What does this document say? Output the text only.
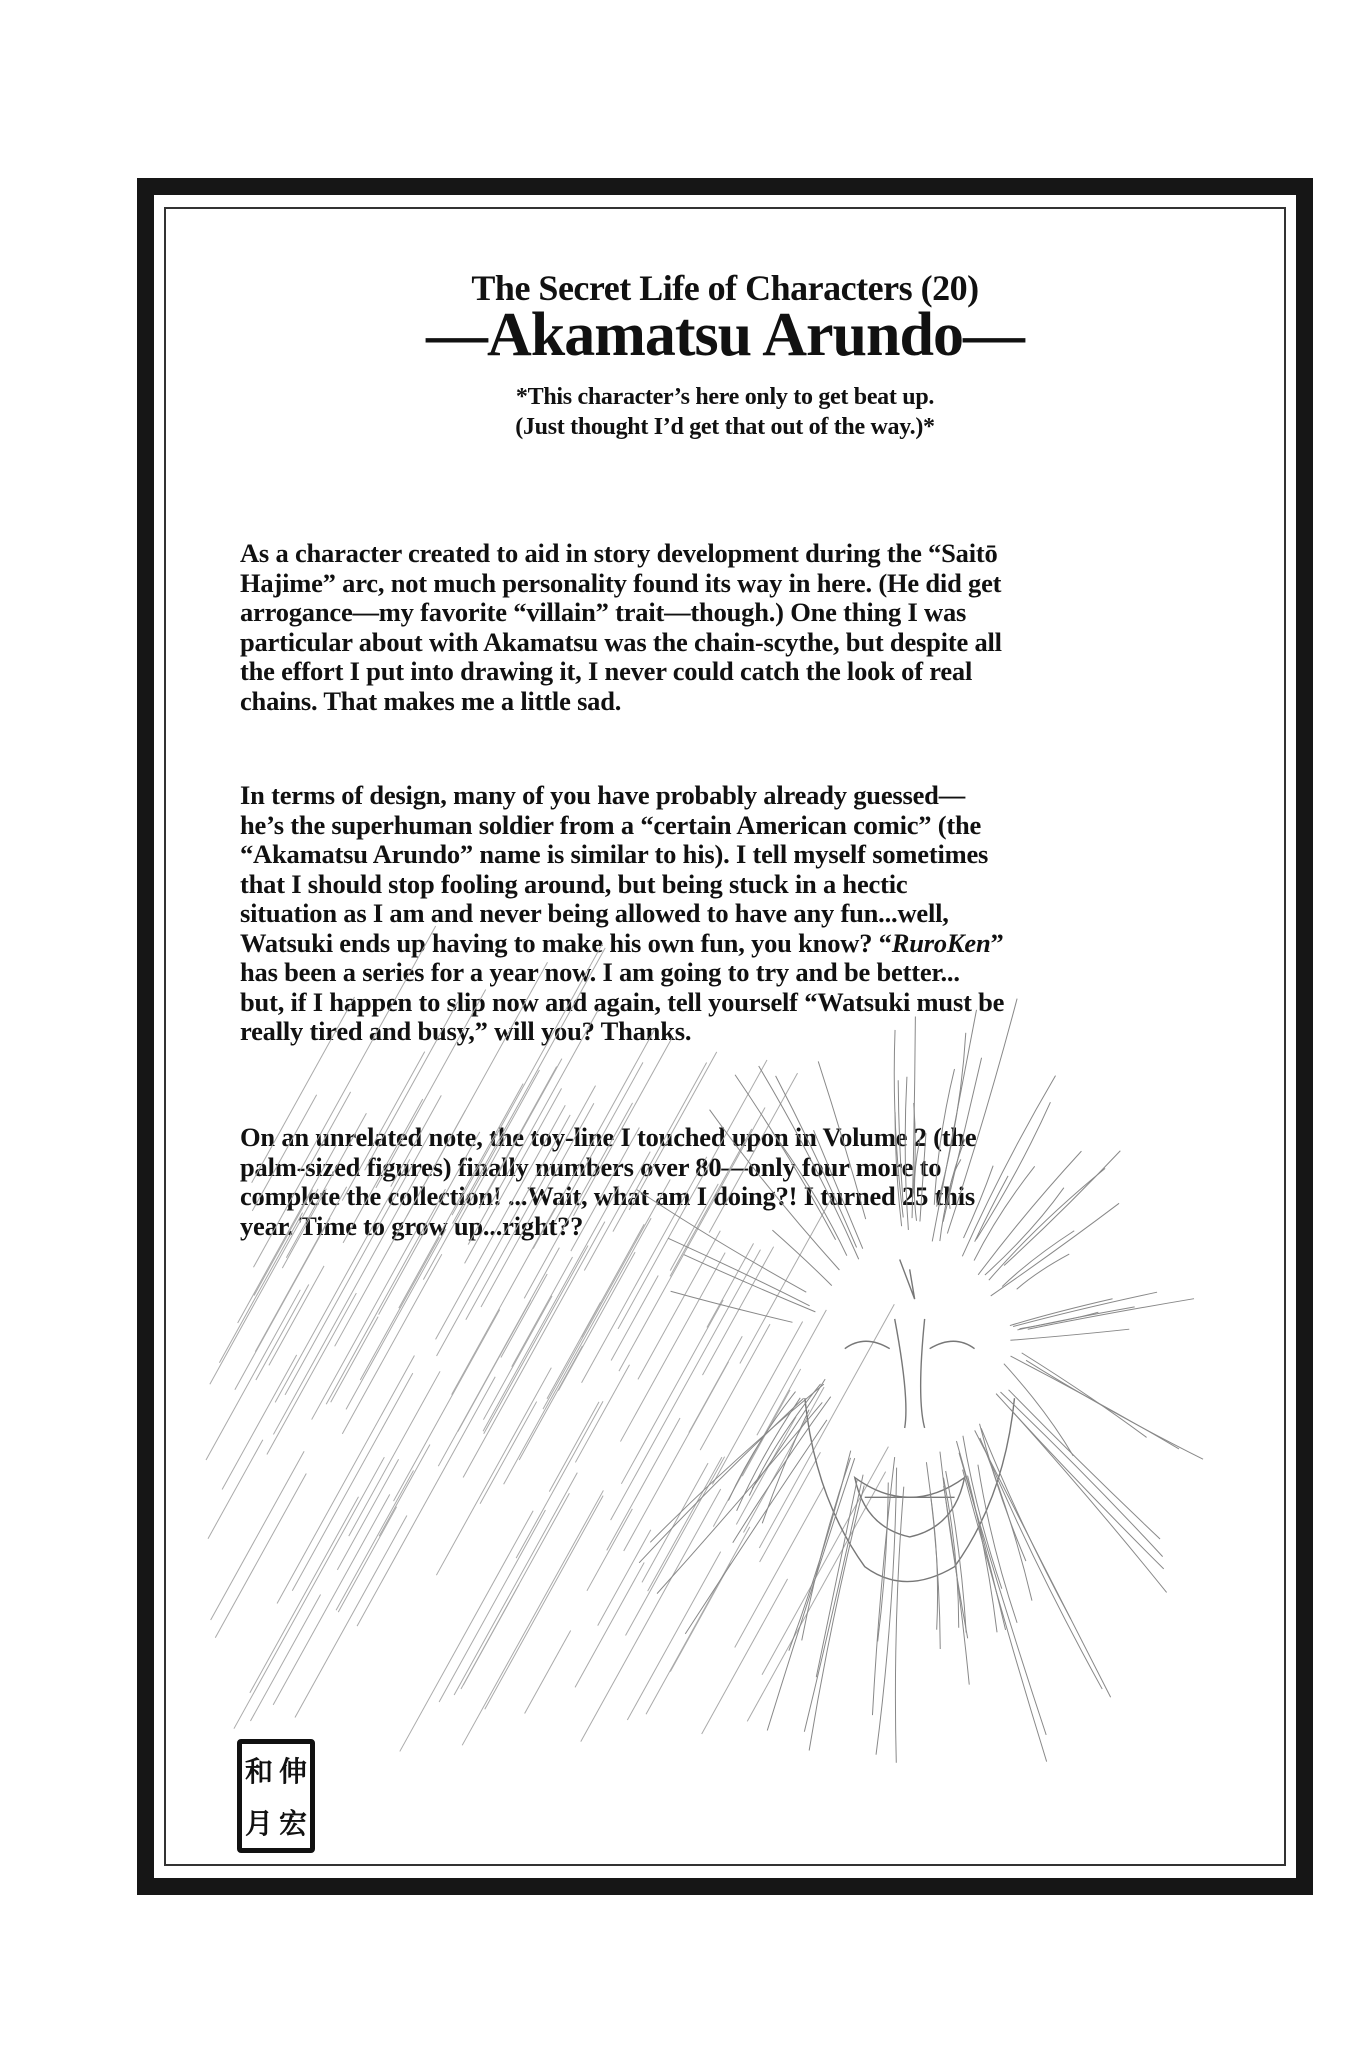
The Secret Life of Characters (20)
—Akamatsu Arundo—
*This character’s here only to get beat up.
(Just thought I’d get that out of the way.)*
As a character created to aid in story development during the “Saitō
Hajime” arc, not much personality found its way in here. (He did get
arrogance—my favorite “villain” trait—though.) One thing I was
particular about with Akamatsu was the chain-scythe, but despite all
the effort I put into drawing it, I never could catch the look of real
chains. That makes me a little sad.
In terms of design, many of you have probably already guessed—
he’s the superhuman soldier from a “certain American comic” (the
“Akamatsu Arundo” name is similar to his). I tell myself sometimes
that I should stop fooling around, but being stuck in a hectic
situation as I am and never being allowed to have any fun...well,
Watsuki ends up having to make his own fun, you know? “RuroKen”
has been a series for a year now. I am going to try and be better...
but, if I happen to slip now and again, tell yourself “Watsuki must be
really tired and busy,” will you? Thanks.
On an unrelated note, the toy-line I touched upon in Volume 2 (the
palm-sized figures) finally numbers over 80—only four more to
complete the collection! ...Wait, what am I doing?! I turned 25 this
year. Time to grow up...right??
和 伸
月 宏
